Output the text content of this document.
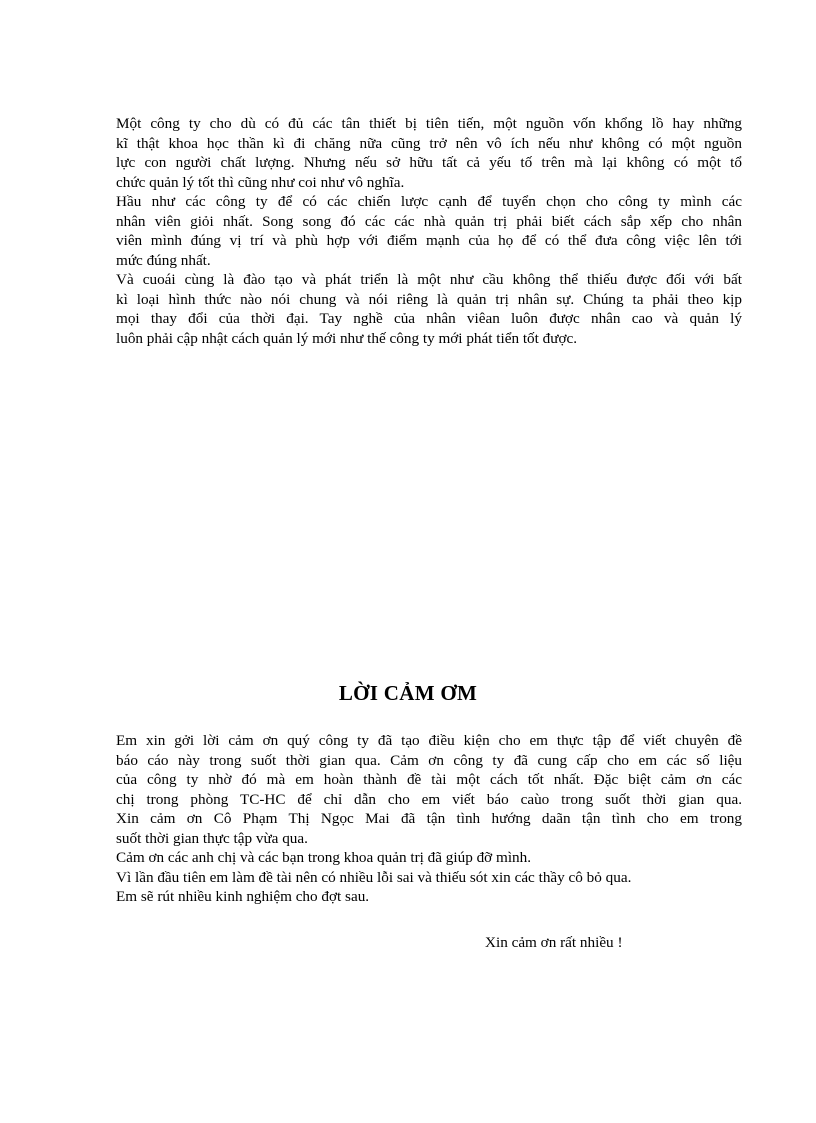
Một công ty cho dù có đủ các tân thiết bị tiên tiến, một nguồn vốn khổng lồ hay những
kĩ thật khoa học thần kì đi chăng nữa cũng trở nên vô ích nếu như không có một nguồn
lực con người chất lượng. Nhưng nếu sở hữu tất cả yếu tố trên mà lại không có một tổ
chức quản lý tốt thì cũng như coi như vô nghĩa.
Hầu như các công ty để có các chiến lược cạnh để tuyển chọn cho công ty mình các
nhân viên giỏi nhất. Song song đó các các nhà quản trị phải biết cách sắp xếp cho nhân
viên mình đúng vị trí và phù hợp với điểm mạnh của họ để có thể đưa công việc lên tới
mức đúng nhất.
Và cuoái cùng là đào tạo và phát triển là một như cầu không thể thiếu được đối với bất
kì loại hình thức nào nói chung và nói riêng là quản trị nhân sự. Chúng ta phải theo kịp
mọi thay đổi của thời đại. Tay nghề của nhân viêan luôn được nhân cao và quản lý
luôn phải cập nhật cách quản lý mới như thế công ty mới phát tiển tốt được.
LỜI CẢM ƠM
Em xin gởi lời cảm ơn quý công ty đã tạo điều kiện cho em thực tập để viết chuyên đề
báo cáo này trong suốt thời gian qua. Cảm ơn công ty đã cung cấp cho em các số liệu
của công ty nhờ đó mà em hoàn thành đề tài một cách tốt nhất. Đặc biệt cảm ơn các
chị trong phòng TC-HC để chỉ dẫn cho em viết báo caùo trong suốt thời gian qua.
Xin cảm ơn Cô Phạm Thị Ngọc Mai đã tận tình hướng daãn tận tình cho em trong
suốt thời gian thực tập vừa qua.
Cảm ơn các anh chị và các bạn trong khoa quản trị đã giúp đỡ mình.
Vì lần đầu tiên em làm đề tài nên có nhiều lỗi sai và thiếu sót xin các thầy cô bỏ qua.
Em sẽ rút nhiều kinh nghiệm cho đợt sau.
Xin cảm ơn rất nhiều !
